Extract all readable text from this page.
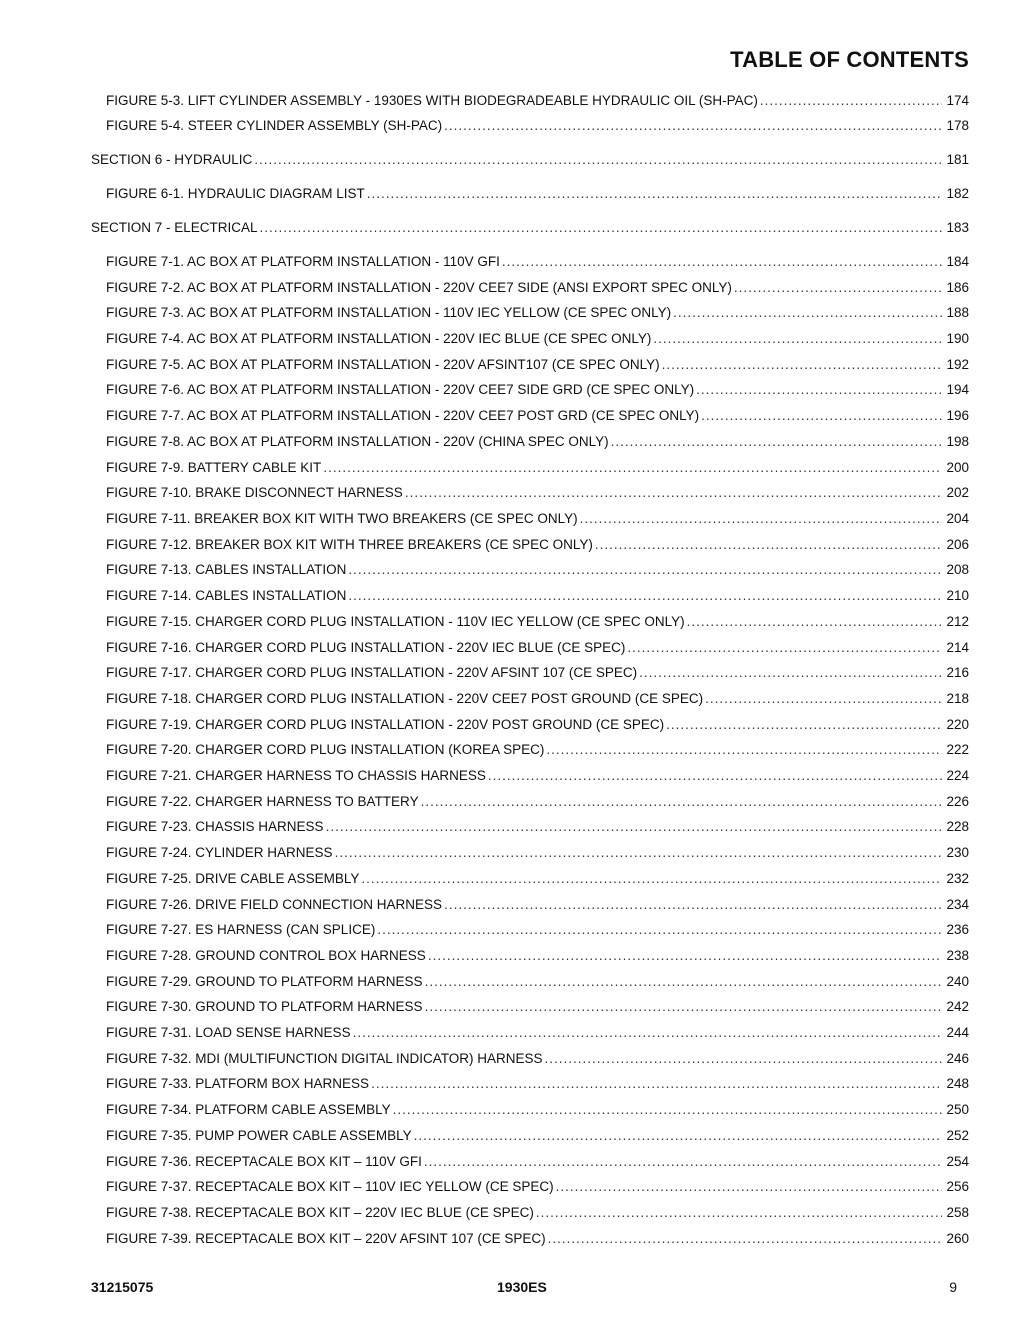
TABLE OF CONTENTS
FIGURE 5-3. LIFT CYLINDER ASSEMBLY - 1930ES WITH BIODEGRADEABLE HYDRAULIC OIL (SH-PAC) .....	174
FIGURE 5-4. STEER CYLINDER ASSEMBLY (SH-PAC) .....	178
SECTION 6 - HYDRAULIC .....	181
FIGURE 6-1. HYDRAULIC DIAGRAM LIST .....	182
SECTION 7 - ELECTRICAL .....	183
FIGURE 7-1. AC BOX AT PLATFORM INSTALLATION - 110V GFI .....	184
FIGURE 7-2. AC BOX AT PLATFORM INSTALLATION - 220V CEE7 SIDE (ANSI EXPORT SPEC ONLY) .....	186
FIGURE 7-3. AC BOX AT PLATFORM INSTALLATION - 110V IEC YELLOW (CE SPEC ONLY) .....	188
FIGURE 7-4. AC BOX AT PLATFORM INSTALLATION - 220V IEC BLUE (CE SPEC ONLY) .....	190
FIGURE 7-5. AC BOX AT PLATFORM INSTALLATION - 220V AFSINT107 (CE SPEC ONLY) .....	192
FIGURE 7-6. AC BOX AT PLATFORM INSTALLATION - 220V CEE7 SIDE GRD (CE SPEC ONLY) .....	194
FIGURE 7-7. AC BOX AT PLATFORM INSTALLATION - 220V CEE7 POST GRD (CE SPEC ONLY) .....	196
FIGURE 7-8. AC BOX AT PLATFORM INSTALLATION - 220V (CHINA SPEC ONLY) .....	198
FIGURE 7-9. BATTERY CABLE KIT .....	200
FIGURE 7-10. BRAKE DISCONNECT HARNESS .....	202
FIGURE 7-11. BREAKER BOX KIT WITH TWO BREAKERS (CE SPEC ONLY) .....	204
FIGURE 7-12. BREAKER BOX KIT WITH THREE BREAKERS (CE SPEC ONLY) .....	206
FIGURE 7-13. CABLES INSTALLATION .....	208
FIGURE 7-14. CABLES INSTALLATION .....	210
FIGURE 7-15. CHARGER CORD PLUG INSTALLATION - 110V IEC YELLOW (CE SPEC ONLY) .....	212
FIGURE 7-16. CHARGER CORD PLUG INSTALLATION - 220V IEC BLUE (CE SPEC) .....	214
FIGURE 7-17. CHARGER CORD PLUG INSTALLATION - 220V AFSINT 107 (CE SPEC) .....	216
FIGURE 7-18. CHARGER CORD PLUG INSTALLATION - 220V CEE7 POST GROUND (CE SPEC) .....	218
FIGURE 7-19. CHARGER CORD PLUG INSTALLATION - 220V POST GROUND (CE SPEC) .....	220
FIGURE 7-20. CHARGER CORD PLUG INSTALLATION (KOREA SPEC) .....	222
FIGURE 7-21. CHARGER HARNESS TO CHASSIS HARNESS .....	224
FIGURE 7-22. CHARGER HARNESS TO BATTERY .....	226
FIGURE 7-23. CHASSIS HARNESS .....	228
FIGURE 7-24. CYLINDER HARNESS .....	230
FIGURE 7-25. DRIVE CABLE ASSEMBLY .....	232
FIGURE 7-26. DRIVE FIELD CONNECTION HARNESS .....	234
FIGURE 7-27. ES HARNESS (CAN SPLICE) .....	236
FIGURE 7-28. GROUND CONTROL BOX HARNESS .....	238
FIGURE 7-29. GROUND TO PLATFORM HARNESS .....	240
FIGURE 7-30. GROUND TO PLATFORM HARNESS .....	242
FIGURE 7-31. LOAD SENSE HARNESS .....	244
FIGURE 7-32. MDI (MULTIFUNCTION DIGITAL INDICATOR) HARNESS .....	246
FIGURE 7-33. PLATFORM BOX HARNESS .....	248
FIGURE 7-34. PLATFORM CABLE ASSEMBLY .....	250
FIGURE 7-35. PUMP POWER CABLE ASSEMBLY .....	252
FIGURE 7-36. RECEPTACALE BOX KIT – 110V GFI .....	254
FIGURE 7-37. RECEPTACALE BOX KIT – 110V IEC YELLOW (CE SPEC) .....	256
FIGURE 7-38. RECEPTACALE BOX KIT – 220V IEC BLUE (CE SPEC) .....	258
FIGURE 7-39. RECEPTACALE BOX KIT – 220V AFSINT 107 (CE SPEC) .....	260
31215075	1930ES	9
